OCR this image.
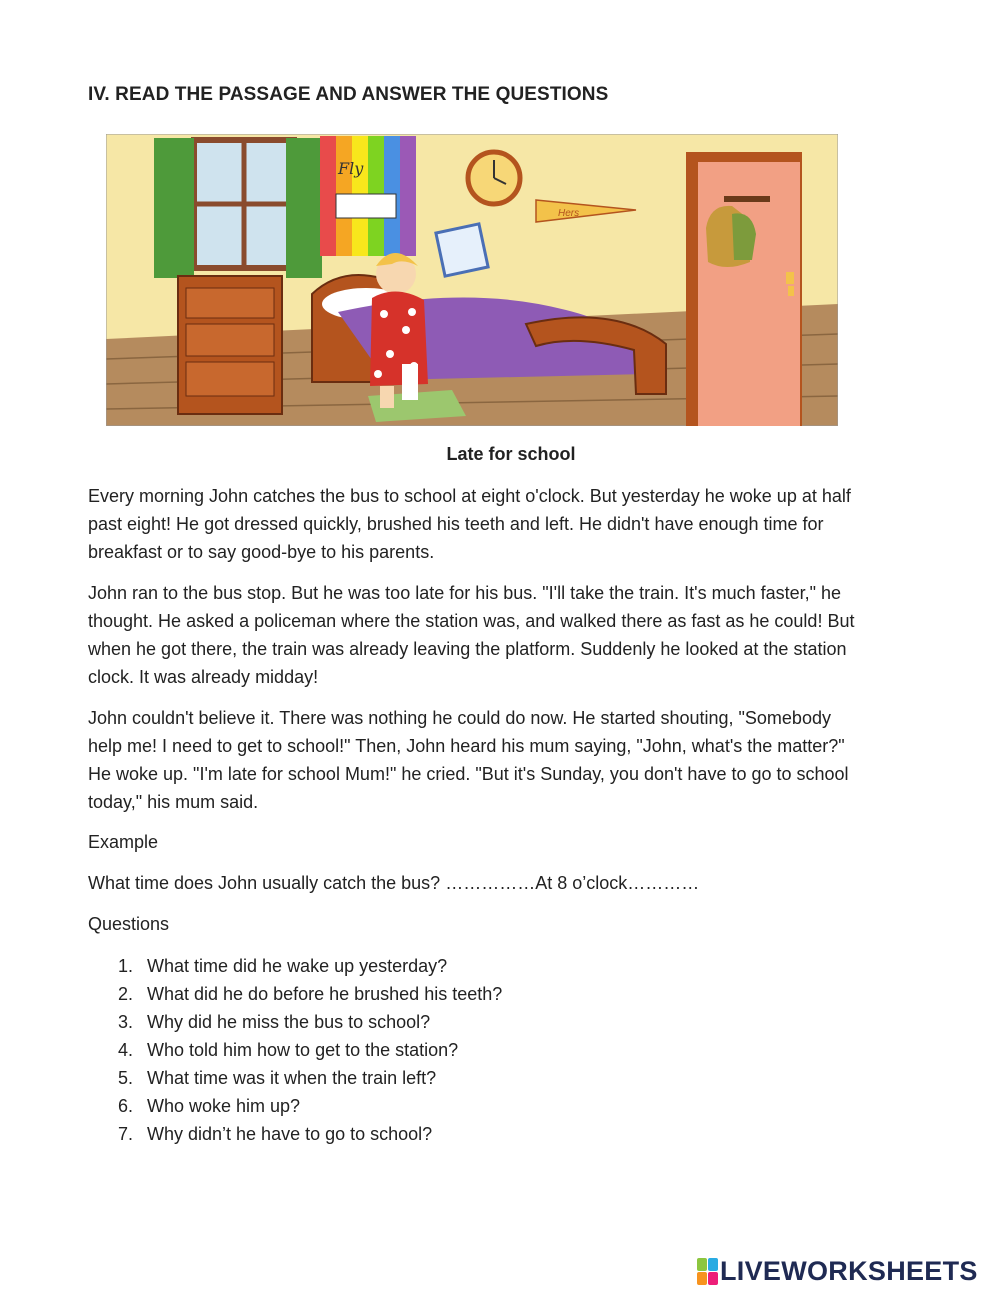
IV. READ THE PASSAGE AND ANSWER THE QUESTIONS
Fly
Hers
Late for school
Every morning John catches the bus to school at eight o'clock. But yesterday he woke up at half
past eight! He got dressed quickly, brushed his teeth and left. He didn't have enough time for
breakfast or to say good-bye to his parents.
John ran to the bus stop. But he was too late for his bus. "I'll take the train. It's much faster," he
thought. He asked a policeman where the station was, and walked there as fast as he could! But
when he got there, the train was already leaving the platform. Suddenly he looked at the station
clock. It was already midday!
John couldn't believe it. There was nothing he could do now. He started shouting, "Somebody
help me! I need to get to school!" Then, John heard his mum saying, "John, what's the matter?"
He woke up. "I'm late for school Mum!" he cried. "But it's Sunday, you don't have to go to school
today," his mum said.
Example
What time does John usually catch the bus? ……………At 8 o’clock…………
Questions
1. What time did he wake up yesterday?
2. What did he do before he brushed his teeth?
3. Why did he miss the bus to school?
4. Who told him how to get to the station?
5. What time was it when the train left?
6. Who woke him up?
7. Why didn’t he have to go to school?
LIVEWORKSHEETS
